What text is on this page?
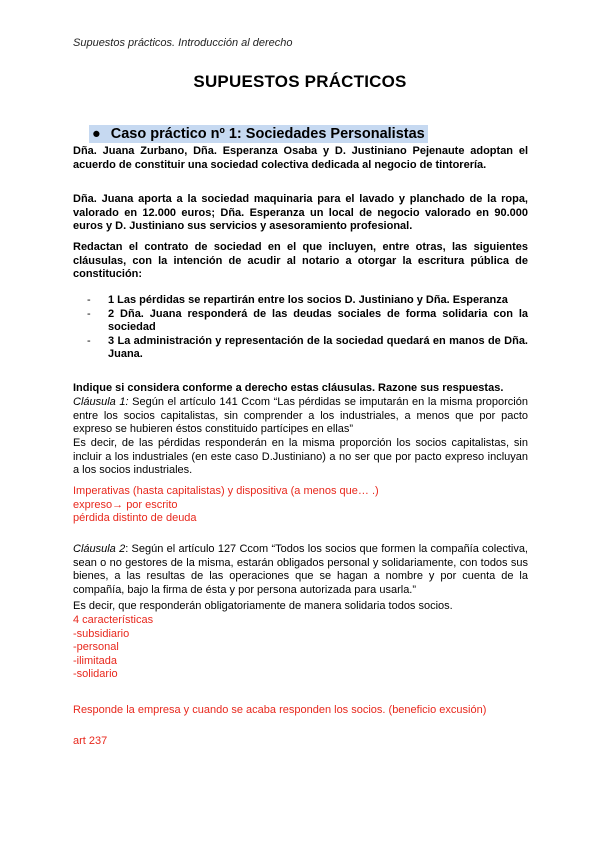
Supuestos prácticos. Introducción al derecho
SUPUESTOS PRÁCTICOS
● Caso práctico nº 1: Sociedades Personalistas
Dña. Juana Zurbano, Dña. Esperanza Osaba y D. Justiniano Pejenaute adoptan el acuerdo de constituir una sociedad colectiva dedicada al negocio de tintorería.
Dña. Juana aporta a la sociedad maquinaria para el lavado y planchado de la ropa, valorado en 12.000 euros; Dña. Esperanza un local de negocio valorado en 90.000 euros y D. Justiniano sus servicios y asesoramiento profesional.
Redactan el contrato de sociedad en el que incluyen, entre otras, las siguientes cláusulas, con la intención de acudir al notario a otorgar la escritura pública de constitución:
- 1 Las pérdidas se repartirán entre los socios D. Justiniano y Dña. Esperanza
- 2 Dña. Juana responderá de las deudas sociales de forma solidaria con la sociedad
- 3 La administración y representación de la sociedad quedará en manos de Dña. Juana.
Indique si considera conforme a derecho estas cláusulas. Razone sus respuestas.
Cláusula 1: Según el artículo 141 Ccom “Las pérdidas se imputarán en la misma proporción entre los socios capitalistas, sin comprender a los industriales, a menos que por pacto expreso se hubieren éstos constituido partícipes en ellas”
Es decir, de las pérdidas responderán en la misma proporción los socios capitalistas, sin incluir a los industriales (en este caso D.Justiniano) a no ser que por pacto expreso incluyan a los socios industriales.
Imperativas (hasta capitalistas) y dispositiva (a menos que… .)
expreso→ por escrito
pérdida distinto de deuda
Cláusula 2: Según el artículo 127 Ccom “Todos los socios que formen la compañía colectiva, sean o no gestores de la misma, estarán obligados personal y solidariamente, con todos sus bienes, a las resultas de las operaciones que se hagan a nombre y por cuenta de la compañía, bajo la firma de ésta y por persona autorizada para usarla.”
Es decir, que responderán obligatoriamente de manera solidaria todos socios.
4 características
-subsidiario
-personal
-ilimitada
-solidario
Responde la empresa y cuando se acaba responden los socios. (beneficio excusión)
art 237
